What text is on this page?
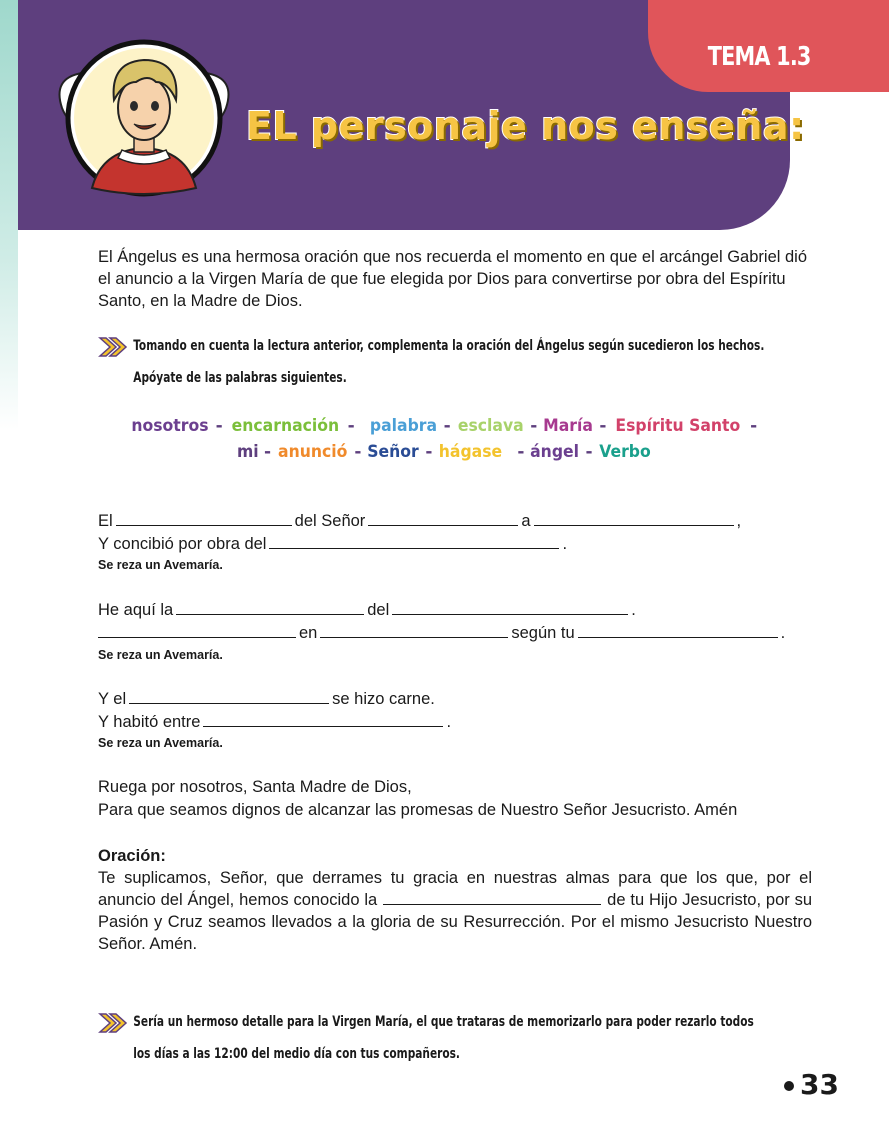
TEMA 1.3
EL personaje nos enseña:

El Ángelus es una hermosa oración que nos recuerda el momento en que el arcángel Gabriel dió el anuncio a la Virgen María de que fue elegida por Dios para convertirse por obra del Espíritu Santo, en la Madre de Dios.

Tomando en cuenta la lectura anterior, complementa la oración del Ángelus según sucedieron los hechos.
Apóyate de las palabras siguientes.
nosotros - encarnación - palabra - esclava - María - Espíritu Santo -
mi - anunció - Señor - hágase - ángel - Verbo
El	del Señor	a	,
Y concibió por obra del	.
Se reza un Avemaría.
He aquí la	del	.
en	según tu	.
Se reza un Avemaría.
Y el	se hizo carne.
Y habitó entre	.
Se reza un Avemaría.
Ruega por nosotros, Santa Madre de Dios,
Para que seamos dignos de alcanzar las promesas de Nuestro Señor Jesucristo. Amén
Oración:

Te suplicamos, Señor, que derrames tu gracia en nuestras almas para que los que, por el anuncio del Ángel, hemos conocido la	de tu Hijo Jesucristo, por su Pasión y Cruz seamos llevados a la gloria de su Resurrección. Por el mismo Jesucristo Nuestro Señor. Amén.

Sería un hermoso detalle para la Virgen María, el que trataras de memorizarlo para poder rezarlo todos
los días a las 12:00 del medio día con tus compañeros.
33
